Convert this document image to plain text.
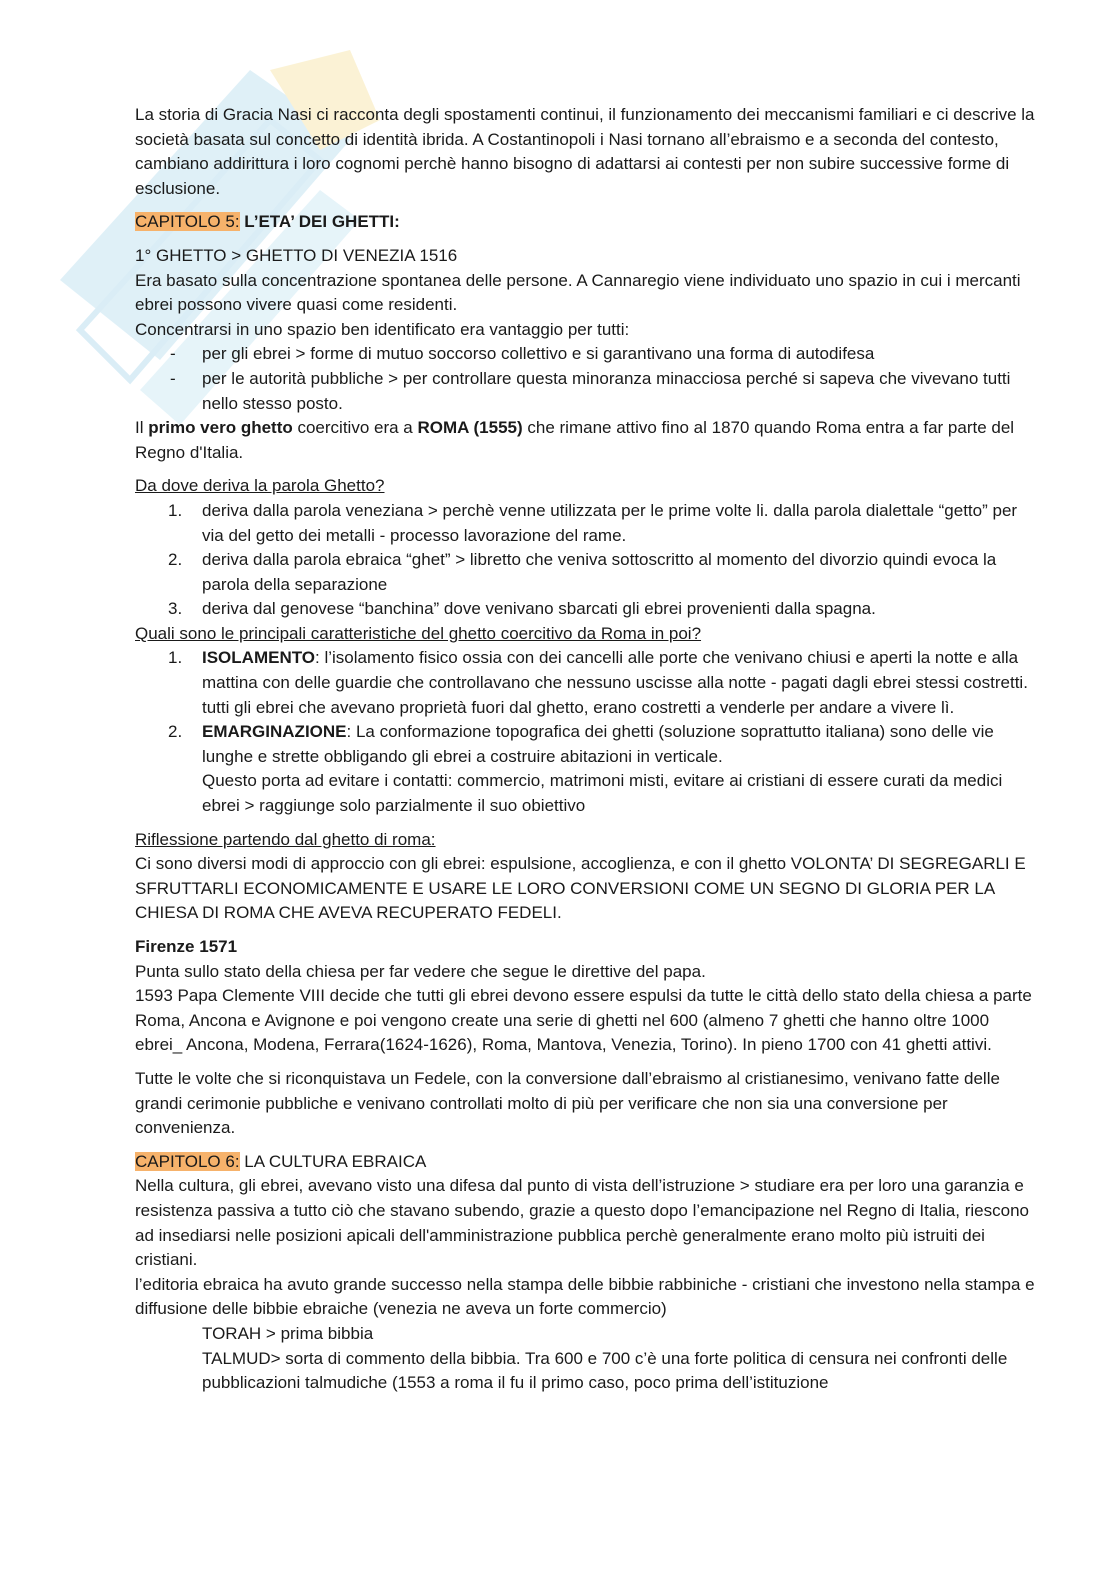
La storia di Gracia Nasi ci racconta degli spostamenti continui, il funzionamento dei meccanismi familiari e ci descrive la società basata sul concetto di identità ibrida. A Costantinopoli i Nasi tornano all’ebraismo e a seconda del contesto, cambiano addirittura i loro cognomi perchè hanno bisogno di adattarsi ai contesti per non subire successive forme di esclusione.

CAPITOLO 5: L’ETA’ DEI GHETTI:

1° GHETTO > GHETTO DI VENEZIA 1516

Era basato sulla concentrazione spontanea delle persone. A Cannaregio viene individuato uno spazio in cui i mercanti ebrei possono vivere quasi come residenti.

Concentrarsi in uno spazio ben identificato era vantaggio per tutti:

- per gli ebrei > forme di mutuo soccorso collettivo e si garantivano una forma di autodifesa
- per le autorità pubbliche > per controllare questa minoranza minacciosa perché si sapeva che vivevano tutti nello stesso posto.

Il primo vero ghetto coercitivo era a ROMA (1555) che rimane attivo fino al 1870 quando Roma entra a far parte del Regno d'Italia.

Da dove deriva la parola Ghetto?

1. deriva dalla parola veneziana > perchè venne utilizzata per le prime volte li. dalla parola dialettale “getto” per via del getto dei metalli - processo lavorazione del rame.
2. deriva dalla parola ebraica “ghet” > libretto che veniva sottoscritto al momento del divorzio quindi evoca la parola della separazione
3. deriva dal genovese “banchina” dove venivano sbarcati gli ebrei provenienti dalla spagna.

Quali sono le principali caratteristiche del ghetto coercitivo da Roma in poi?

1. ISOLAMENTO: l’isolamento fisico ossia con dei cancelli alle porte che venivano chiusi e aperti la notte e alla mattina con delle guardie che controllavano che nessuno uscisse alla notte - pagati dagli ebrei stessi costretti. tutti gli ebrei che avevano proprietà fuori dal ghetto, erano costretti a venderle per andare a vivere lì.
2. EMARGINAZIONE: La conformazione topografica dei ghetti (soluzione soprattutto italiana) sono delle vie lunghe e strette obbligando gli ebrei a costruire abitazioni in verticale.

Questo porta ad evitare i contatti: commercio, matrimoni misti, evitare ai cristiani di essere curati da medici ebrei > raggiunge solo parzialmente il suo obiettivo

Riflessione partendo dal ghetto di roma:

Ci sono diversi modi di approccio con gli ebrei: espulsione, accoglienza, e con il ghetto VOLONTA’ DI SEGREGARLI E SFRUTTARLI ECONOMICAMENTE E USARE LE LORO CONVERSIONI COME UN SEGNO DI GLORIA PER LA CHIESA DI ROMA CHE AVEVA RECUPERATO FEDELI.

Firenze 1571

Punta sullo stato della chiesa per far vedere che segue le direttive del papa.

1593 Papa Clemente VIII decide che tutti gli ebrei devono essere espulsi da tutte le città dello stato della chiesa a parte Roma, Ancona e Avignone e poi vengono create una serie di ghetti nel 600 (almeno 7 ghetti che hanno oltre 1000 ebrei_ Ancona, Modena, Ferrara(1624-1626), Roma, Mantova, Venezia, Torino). In pieno 1700 con 41 ghetti attivi.

Tutte le volte che si riconquistava un Fedele, con la conversione dall’ebraismo al cristianesimo, venivano fatte delle grandi cerimonie pubbliche e venivano controllati molto di più per verificare che non sia una conversione per convenienza.

CAPITOLO 6: LA CULTURA EBRAICA

Nella cultura, gli ebrei, avevano visto una difesa dal punto di vista dell’istruzione > studiare era per loro una garanzia e resistenza passiva a tutto ciò che stavano subendo, grazie a questo dopo l’emancipazione nel Regno di Italia, riescono ad insediarsi nelle posizioni apicali dell'amministrazione pubblica perchè generalmente erano molto più istruiti dei cristiani.

l’editoria ebraica ha avuto grande successo nella stampa delle bibbie rabbiniche - cristiani che investono nella stampa e diffusione delle bibbie ebraiche (venezia ne aveva un forte commercio)

TORAH > prima bibbia

TALMUD> sorta di commento della bibbia. Tra 600 e 700 c’è una forte politica di censura nei confronti delle pubblicazioni talmudiche (1553 a roma il fu il primo caso, poco prima dell’istituzione
